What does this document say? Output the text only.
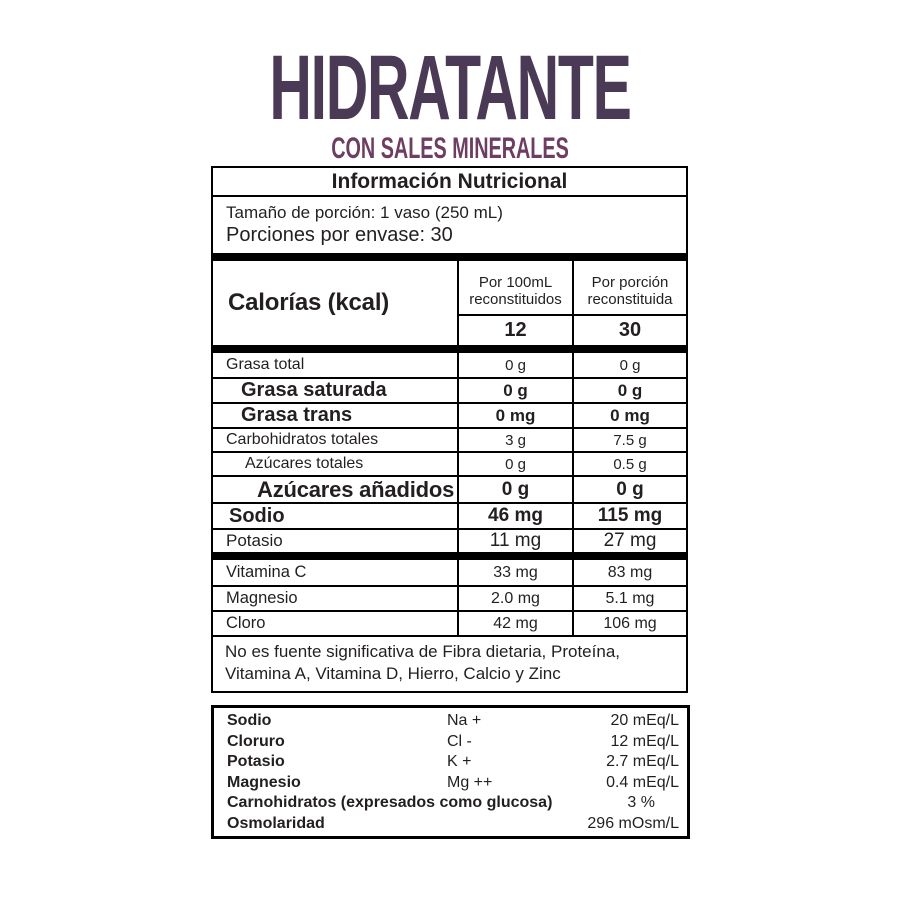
HIDRATANTE
CON SALES MINERALES
Información Nutricional
Tamaño de porción: 1 vaso (250 mL)
Porciones por envase: 30
Calorías (kcal)
Por 100mL reconstituidos
Por porción reconstituida
12	30
Grasa total	0 g	0 g
Grasa saturada	0 g	0 g
Grasa trans	0 mg	0 mg
Carbohidratos totales	3 g	7.5 g
Azúcares totales	0 g	0.5 g
Azúcares añadidos	0 g	0 g
Sodio	46 mg	115 mg
Potasio	11 mg	27 mg
Vitamina C	33 mg	83 mg
Magnesio	2.0 mg	5.1 mg
Cloro	42 mg	106 mg
No es fuente significativa de Fibra dietaria, Proteína, Vitamina A, Vitamina D, Hierro, Calcio y Zinc
Sodio	Na +	20 mEq/L
Cloruro	Cl -	12 mEq/L
Potasio	K +	2.7 mEq/L
Magnesio	Mg ++	0.4 mEq/L
Carnohidratos (expresados como glucosa)	3 %
Osmolaridad	296 mOsm/L
